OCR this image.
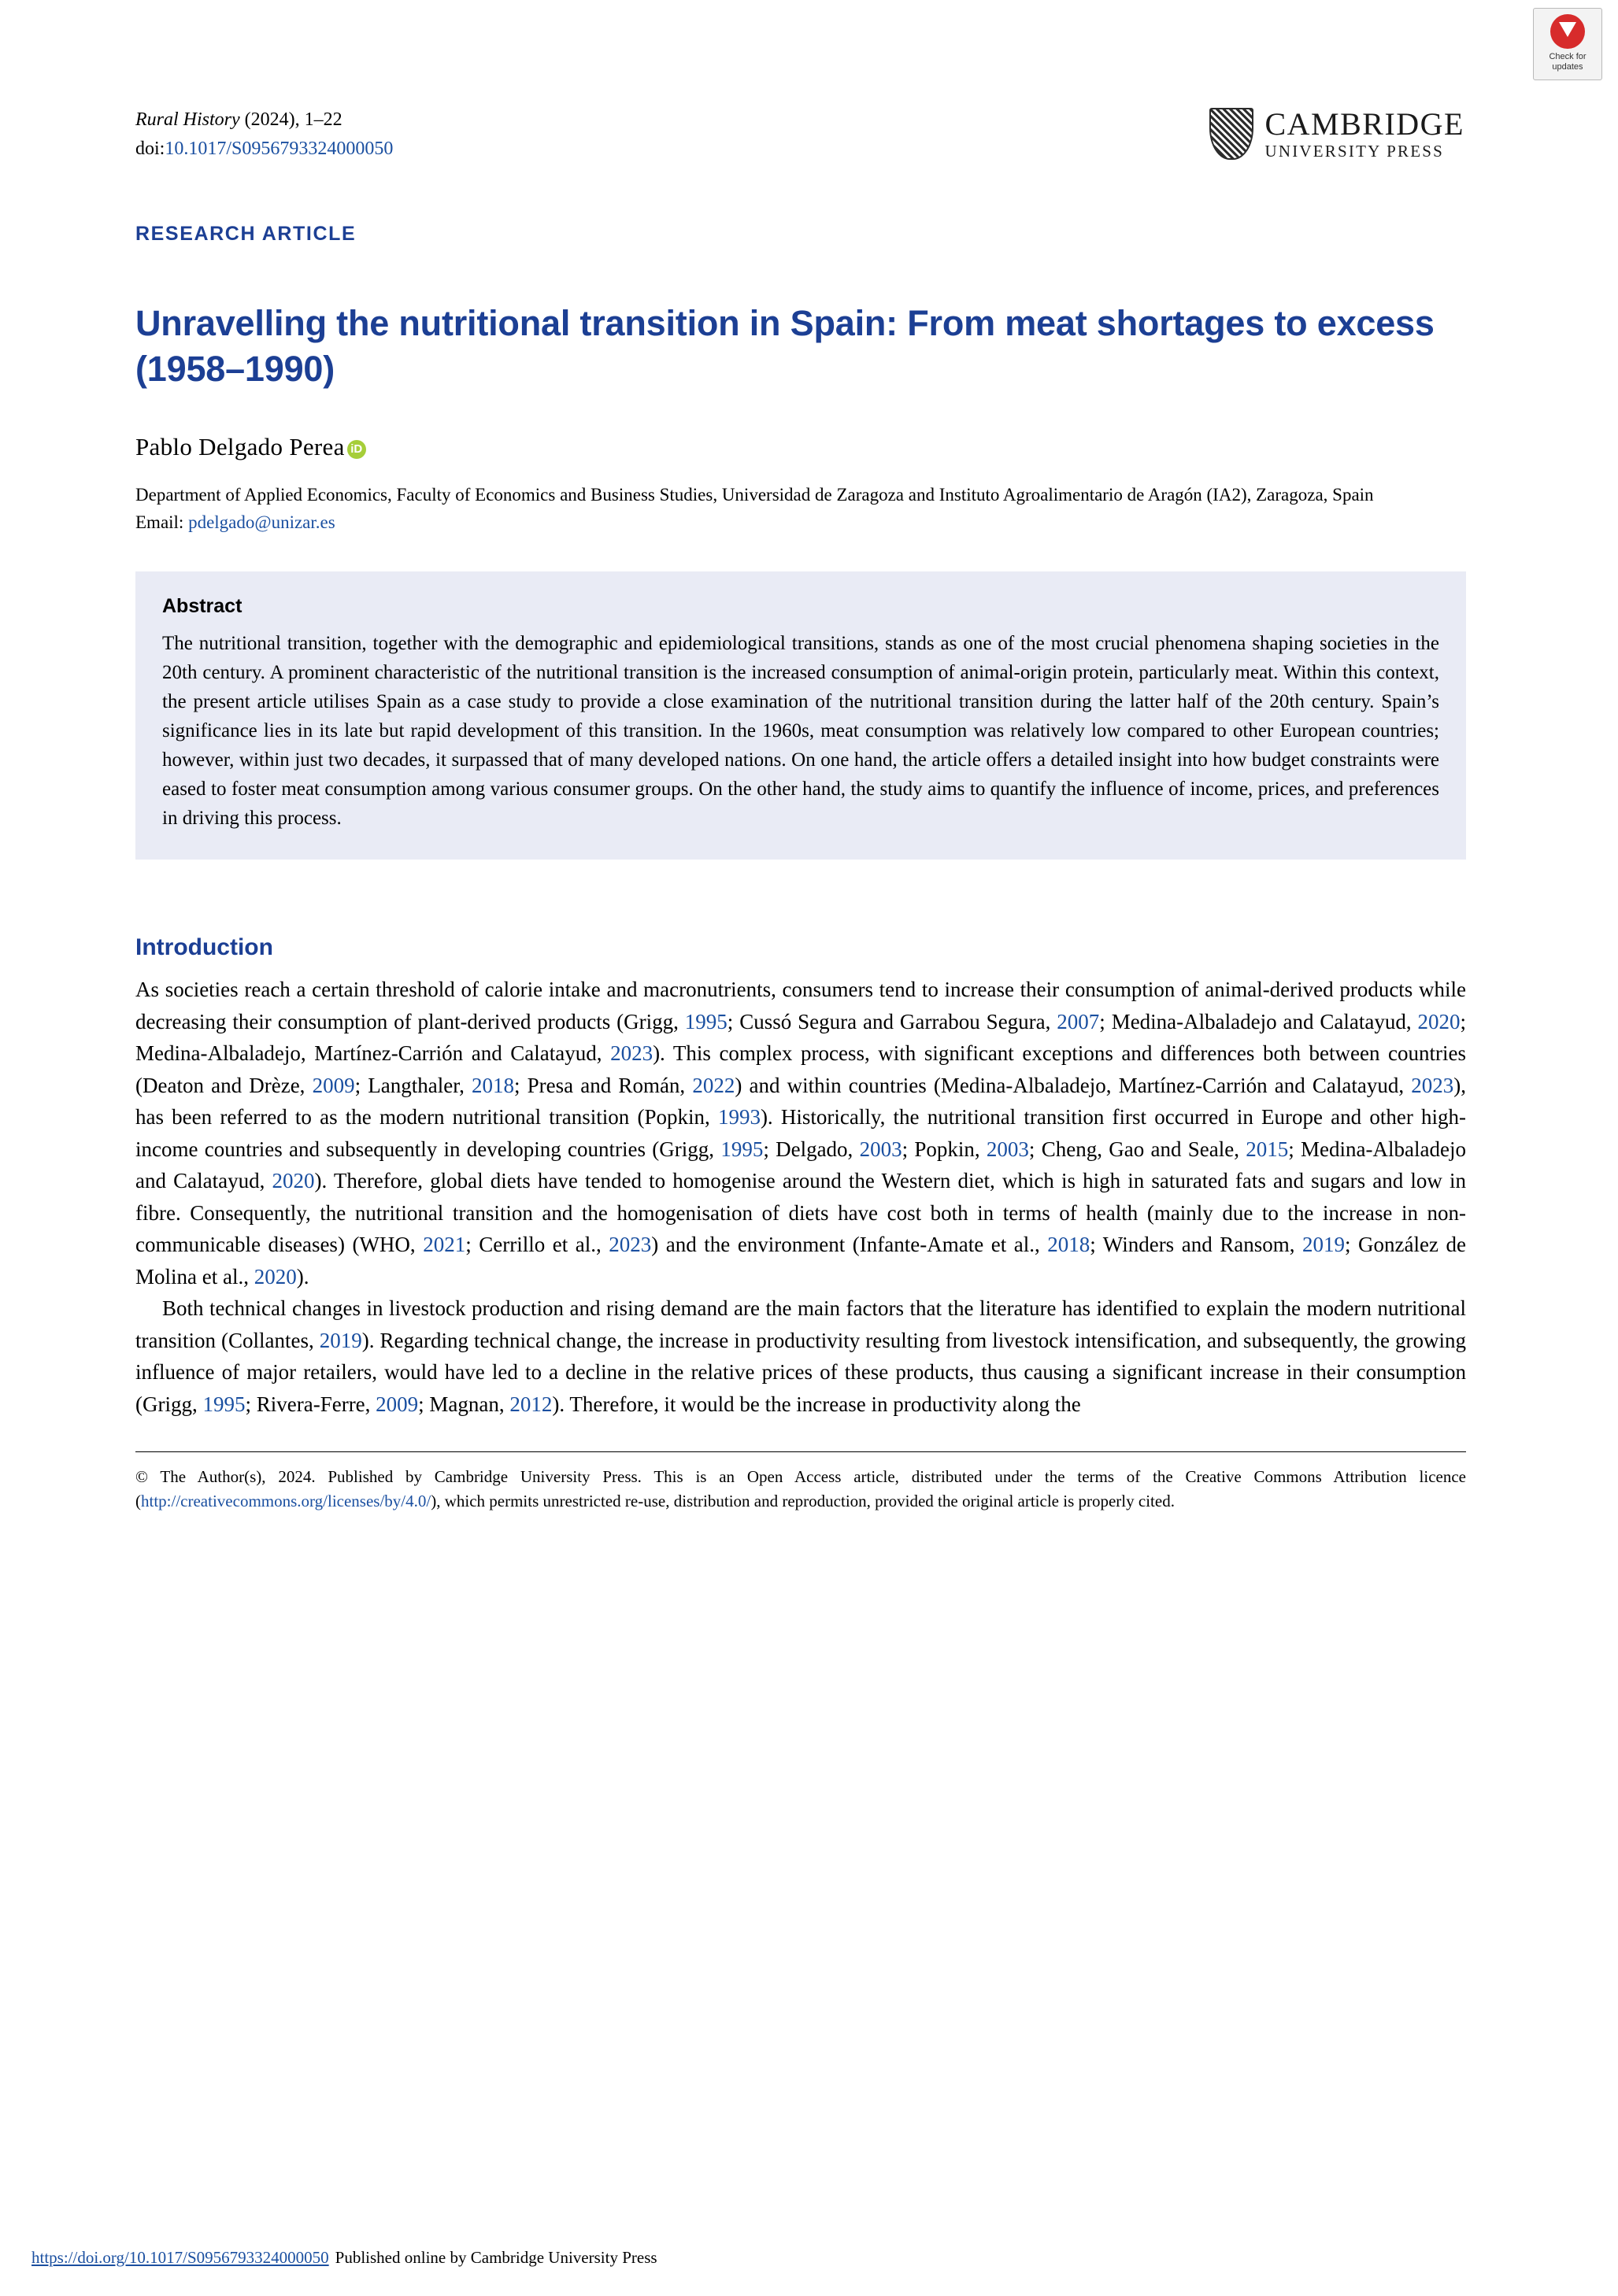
Check for
updates
Rural History (2024), 1–22
doi:10.1017/S0956793324000050
CAMBRIDGE
UNIVERSITY PRESS
RESEARCH ARTICLE
Unravelling the nutritional transition in Spain: From meat shortages to excess (1958–1990)
Pablo Delgado Perea iD
Department of Applied Economics, Faculty of Economics and Business Studies, Universidad de Zaragoza and Instituto Agroalimentario de Aragón (IA2), Zaragoza, Spain
Email: pdelgado@unizar.es
Abstract
The nutritional transition, together with the demographic and epidemiological transitions, stands as one of the most crucial phenomena shaping societies in the 20th century. A prominent characteristic of the nutritional transition is the increased consumption of animal-origin protein, particularly meat. Within this context, the present article utilises Spain as a case study to provide a close examination of the nutritional transition during the latter half of the 20th century. Spain’s significance lies in its late but rapid development of this transition. In the 1960s, meat consumption was relatively low compared to other European countries; however, within just two decades, it surpassed that of many developed nations. On one hand, the article offers a detailed insight into how budget constraints were eased to foster meat consumption among various consumer groups. On the other hand, the study aims to quantify the influence of income, prices, and preferences in driving this process.
Introduction

As societies reach a certain threshold of calorie intake and macronutrients, consumers tend to increase their consumption of animal-derived products while decreasing their consumption of plant-derived products (Grigg, 1995; Cussó Segura and Garrabou Segura, 2007; Medina-Albaladejo and Calatayud, 2020; Medina-Albaladejo, Martínez-Carrión and Calatayud, 2023). This complex process, with significant exceptions and differences both between countries (Deaton and Drèze, 2009; Langthaler, 2018; Presa and Román, 2022) and within countries (Medina-Albaladejo, Martínez-Carrión and Calatayud, 2023), has been referred to as the modern nutritional transition (Popkin, 1993). Historically, the nutritional transition first occurred in Europe and other high-income countries and subsequently in developing countries (Grigg, 1995; Delgado, 2003; Popkin, 2003; Cheng, Gao and Seale, 2015; Medina-Albaladejo and Calatayud, 2020). Therefore, global diets have tended to homogenise around the Western diet, which is high in saturated fats and sugars and low in fibre. Consequently, the nutritional transition and the homogenisation of diets have cost both in terms of health (mainly due to the increase in non-communicable diseases) (WHO, 2021; Cerrillo et al., 2023) and the environment (Infante-Amate et al., 2018; Winders and Ransom, 2019; González de Molina et al., 2020).

Both technical changes in livestock production and rising demand are the main factors that the literature has identified to explain the modern nutritional transition (Collantes, 2019). Regarding technical change, the increase in productivity resulting from livestock intensification, and subsequently, the growing influence of major retailers, would have led to a decline in the relative prices of these products, thus causing a significant increase in their consumption (Grigg, 1995; Rivera-Ferre, 2009; Magnan, 2012). Therefore, it would be the increase in productivity along the

© The Author(s), 2024. Published by Cambridge University Press. This is an Open Access article, distributed under the terms of the Creative Commons Attribution licence (http://creativecommons.org/licenses/by/4.0/), which permits unrestricted re-use, distribution and reproduction, provided the original article is properly cited.
https://doi.org/10.1017/S0956793324000050 Published online by Cambridge University Press
